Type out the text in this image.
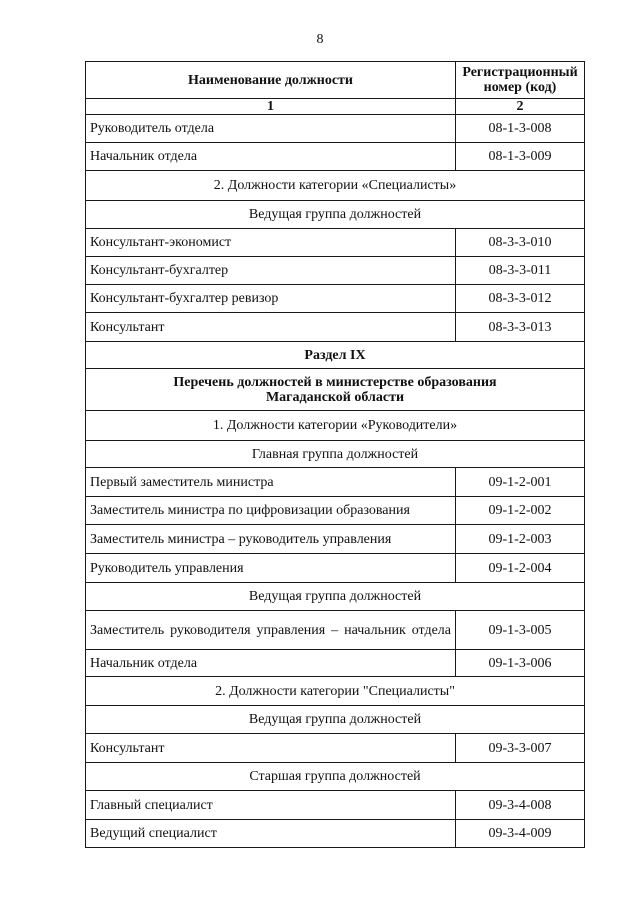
8
Наименование должности	Регистрационный номер (код)
1	2
Руководитель отдела	08-1-3-008
Начальник отдела	08-1-3-009
2. Должности категории «Специалисты»	
Ведущая группа должностей	
Консультант-экономист	08-3-3-010
Консультант-бухгалтер	08-3-3-011
Консультант-бухгалтер ревизор	08-3-3-012
Консультант	08-3-3-013
Раздел IX	
Перечень должностей в министерстве образования Магаданской области	
1. Должности категории «Руководители»	
Главная группа должностей	
Первый заместитель министра	09-1-2-001
Заместитель министра по цифровизации образования	09-1-2-002
Заместитель министра – руководитель управления	09-1-2-003
Руководитель управления	09-1-2-004
Ведущая группа должностей	
Заместитель руководителя управления – начальник отдела	09-1-3-005
Начальник отдела	09-1-3-006
2. Должности категории "Специалисты"	
Ведущая группа должностей	
Консультант	09-3-3-007
Старшая группа должностей	
Главный специалист	09-3-4-008
Ведущий специалист	09-3-4-009
